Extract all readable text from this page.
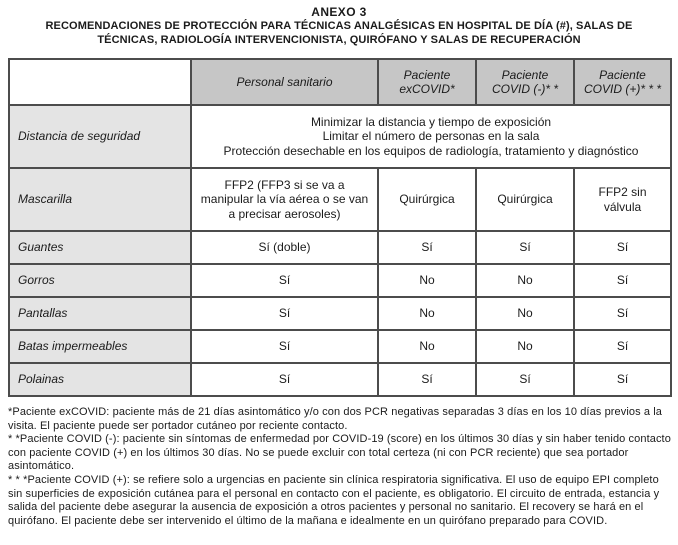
ANEXO 3
RECOMENDACIONES DE PROTECCIÓN PARA TÉCNICAS ANALGÉSICAS EN HOSPITAL DE DÍA (#), SALAS DE
TÉCNICAS, RADIOLOGÍA INTERVENCIONISTA, QUIRÓFANO Y SALAS DE RECUPERACIÓN
	Personal sanitario	Paciente exCOVID*	Paciente COVID (-)* *	Paciente COVID (+)* * *
Distancia de seguridad	Minimizar la distancia y tiempo de exposición
Limitar el número de personas en la sala
Protección desechable en los equipos de radiología, tratamiento y diagnóstico			

Mascarilla	FFP2 (FFP3 si se va a manipular la vía aérea o se van a precisar aerosoles)	Quirúrgica	Quirúrgica	FFP2 sin válvula
Guantes	Sí (doble)	Sí	Sí	Sí
Gorros	Sí	No	No	Sí
Pantallas	Sí	No	No	Sí
Batas impermeables	Sí	No	No	Sí
Polainas	Sí	Sí	Sí	Sí

*Paciente exCOVID: paciente más de 21 días asintomático y/o con dos PCR negativas separadas 3 días en los 10 días previos a la visita. El paciente puede ser portador cutáneo por reciente contacto.

* *Paciente COVID (-): paciente sin síntomas de enfermedad por COVID-19 (score) en los últimos 30 días y sin haber tenido contacto con paciente COVID (+) en los últimos 30 días. No se puede excluir con total certeza (ni con PCR reciente) que sea portador asintomático.

* * *Paciente COVID (+): se refiere solo a urgencias en paciente sin clínica respiratoria significativa. El uso de equipo EPI completo sin superficies de exposición cutánea para el personal en contacto con el paciente, es obligatorio. El circuito de entrada, estancia y salida del paciente debe asegurar la ausencia de exposición a otros pacientes y personal no sanitario. El recovery se hará en el quirófano. El paciente debe ser intervenido el último de la mañana e idealmente en un quirófano preparado para COVID.
